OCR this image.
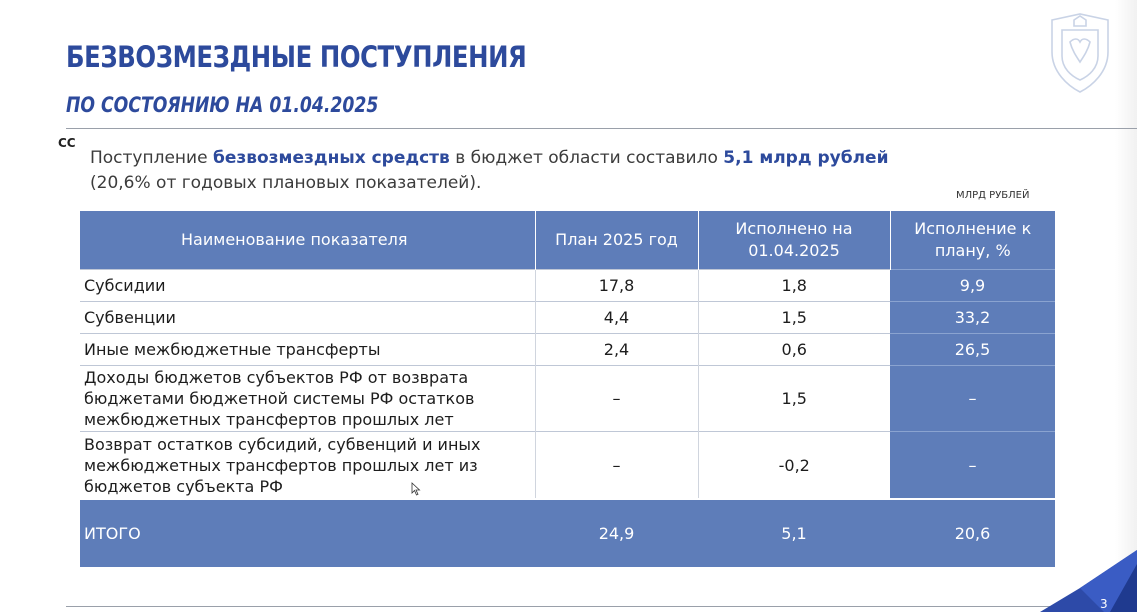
БЕЗВОЗМЕЗДНЫЕ ПОСТУПЛЕНИЯ
ПО СОСТОЯНИЮ НА 01.04.2025
СС
Поступление безвозмездных средств в бюджет области составило 5,1 млрд рублей (20,6% от годовых плановых показателей).
МЛРД РУБЛЕЙ
Наименование показателя	План 2025 год	Исполнено на 01.04.2025	Исполнение к плану, %
Субсидии	17,8	1,8	9,9
Субвенции	4,4	1,5	33,2
Иные межбюджетные трансферты	2,4	0,6	26,5
Доходы бюджетов субъектов РФ от возврата бюджетами бюджетной системы РФ остатков межбюджетных трансфертов прошлых лет	–	1,5	–
Возврат остатков субсидий, субвенций и иных межбюджетных трансфертов прошлых лет из бюджетов субъекта РФ	–	-0,2	–
ИТОГО	24,9	5,1	20,6
3
